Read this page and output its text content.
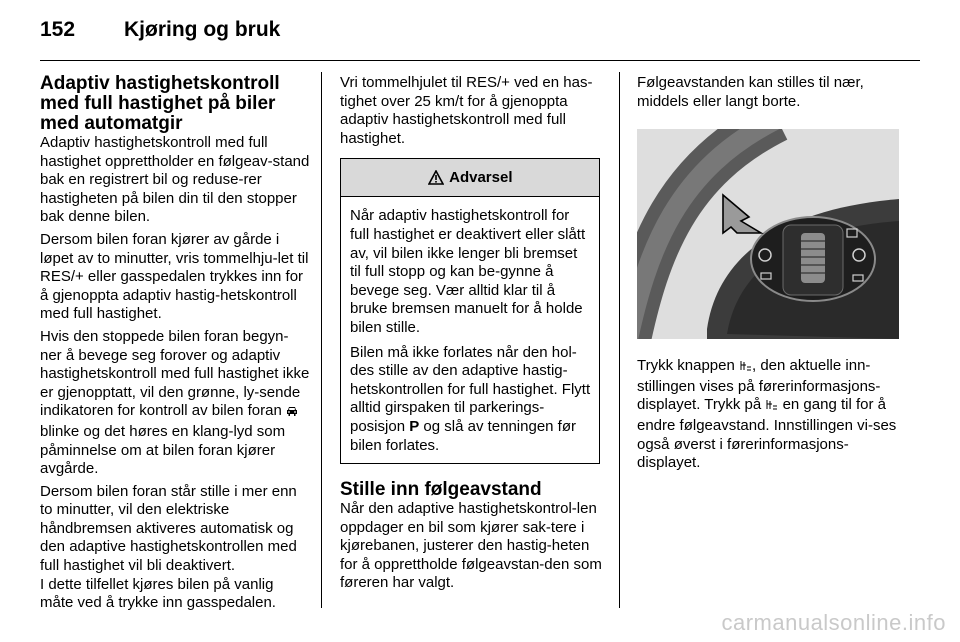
152 Kjøring og bruk
Adaptiv hastighetskontroll med full hastighet på biler med automatgir

Adaptiv hastighetskontroll med full hastighet opprettholder en følgeav-stand bak en registrert bil og reduse-rer hastigheten på bilen din til den stopper bak denne bilen.

Dersom bilen foran kjører av gårde i løpet av to minutter, vris tommelhju-let til RES/+ eller gasspedalen trykkes inn for å gjenoppta adaptiv hastig-hetskontroll med full hastighet.

Hvis den stoppede bilen foran begyn-ner å bevege seg forover og adaptiv hastighetskontroll med full hastighet ikke er gjenopptatt, vil den grønne, ly-sende indikatoren for kontroll av bilen foran  blinke og det høres en klang-lyd som påminnelse om at bilen foran kjører avgårde.

Dersom bilen foran står stille i mer enn to minutter, vil den elektriske håndbremsen aktiveres automatisk og den adaptive hastighetskontrollen med full hastighet vil bli deaktivert.

I dette tilfellet kjøres bilen på vanlig måte ved å trykke inn gasspedalen.

Vri tommelhjulet til RES/+ ved en has-tighet over 25 km/t for å gjenoppta adaptiv hastighetskontroll med full hastighet.

Advarsel

Når adaptiv hastighetskontroll for full hastighet er deaktivert eller slått av, vil bilen ikke lenger bli bremset til full stopp og kan be-gynne å bevege seg. Vær alltid klar til å bruke bremsen manuelt for å holde bilen stille.

Bilen må ikke forlates når den hol-des stille av den adaptive hastig-hetskontrollen for full hastighet. Flytt alltid girspaken til parkerings-posisjon P og slå av tenningen før bilen forlates.

Stille inn følgeavstand

Når den adaptive hastighetskontrol-len oppdager en bil som kjører sak-tere i kjørebanen, justerer den hastig-heten for å opprettholde følgeavstan-den som føreren har valgt.

Følgeavstanden kan stilles til nær, middels eller langt borte.

Trykk knappen , den aktuelle inn-stillingen vises på førerinformasjons-displayet. Trykk på en gang til for å endre følgeavstand. Innstillingen vi-ses også øverst i førerinformasjons-displayet.

carmanualsonline.info
